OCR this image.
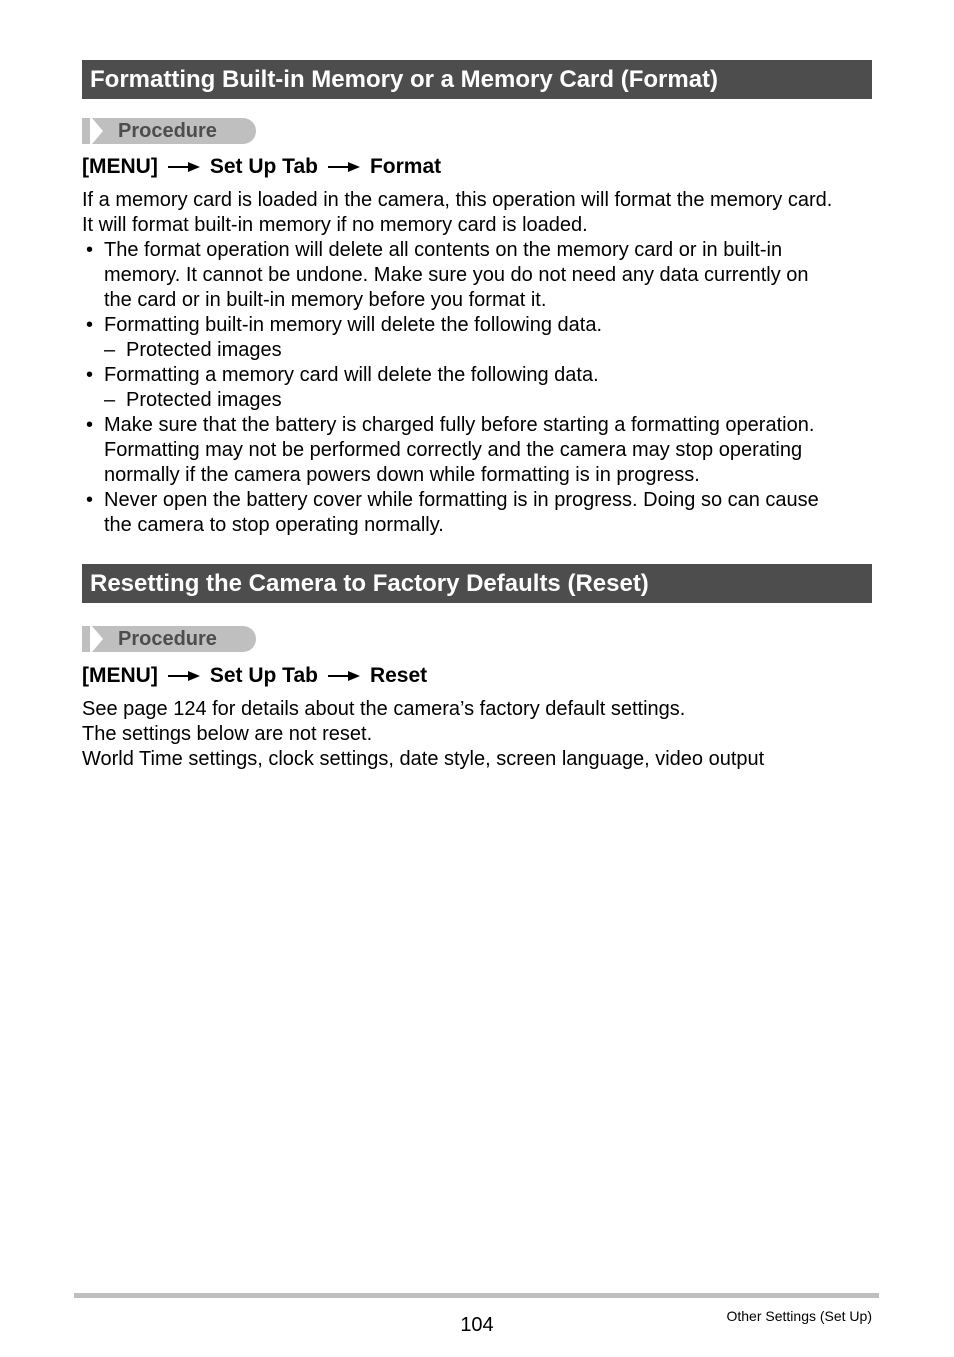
Formatting Built-in Memory or a Memory Card (Format)
Procedure
[MENU] Set Up Tab Format
If a memory card is loaded in the camera, this operation will format the memory card.
It will format built-in memory if no memory card is loaded.
• The format operation will delete all contents on the memory card or in built-in
memory. It cannot be undone. Make sure you do not need any data currently on
the card or in built-in memory before you format it.
• Formatting built-in memory will delete the following data.
– Protected images
• Formatting a memory card will delete the following data.
– Protected images
• Make sure that the battery is charged fully before starting a formatting operation.
Formatting may not be performed correctly and the camera may stop operating
normally if the camera powers down while formatting is in progress.
• Never open the battery cover while formatting is in progress. Doing so can cause
the camera to stop operating normally.
Resetting the Camera to Factory Defaults (Reset)
Procedure
[MENU] Set Up Tab Reset
See page 124 for details about the camera’s factory default settings.
The settings below are not reset.
World Time settings, clock settings, date style, screen language, video output
104	Other Settings (Set Up)
